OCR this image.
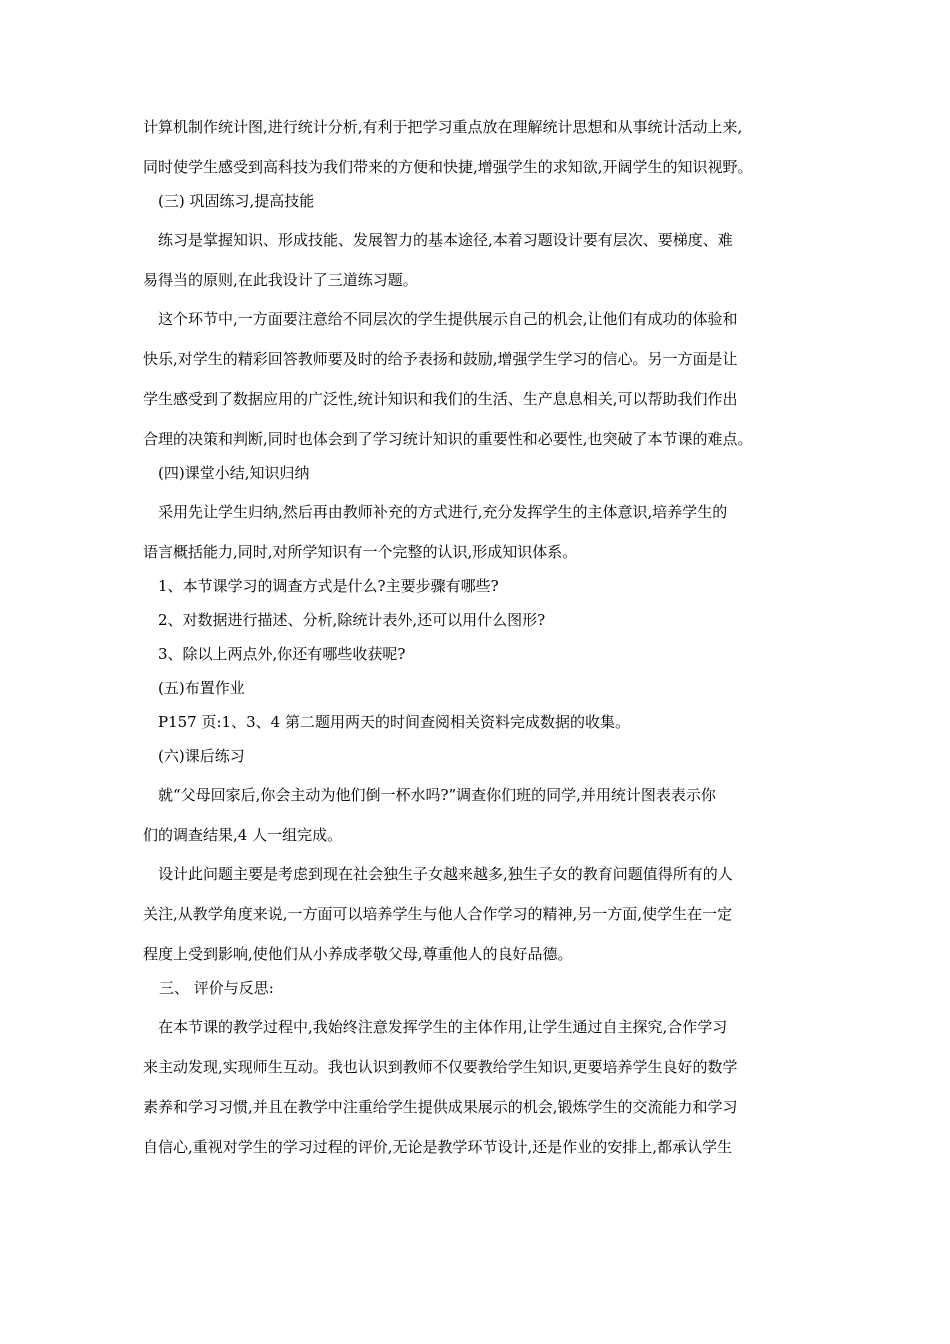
计算机制作统计图,进行统计分析,有利于把学习重点放在理解统计思想和从事统计活动上来,
同时使学生感受到高科技为我们带来的方便和快捷,增强学生的求知欲,开阔学生的知识视野。
(三) 巩固练习,提高技能
练习是掌握知识、形成技能、发展智力的基本途径,本着习题设计要有层次、要梯度、难
易得当的原则,在此我设计了三道练习题。
这个环节中,一方面要注意给不同层次的学生提供展示自己的机会,让他们有成功的体验和
快乐,对学生的精彩回答教师要及时的给予表扬和鼓励,增强学生学习的信心。另一方面是让
学生感受到了数据应用的广泛性,统计知识和我们的生活、生产息息相关,可以帮助我们作出
合理的决策和判断,同时也体会到了学习统计知识的重要性和必要性,也突破了本节课的难点。
(四)课堂小结,知识归纳
采用先让学生归纳,然后再由教师补充的方式进行,充分发挥学生的主体意识,培养学生的
语言概括能力,同时,对所学知识有一个完整的认识,形成知识体系。
1、本节课学习的调查方式是什么?主要步骤有哪些?
2、对数据进行描述、分析,除统计表外,还可以用什么图形?
3、除以上两点外,你还有哪些收获呢?
(五)布置作业
P157 页:1、3、4 第二题用两天的时间查阅相关资料完成数据的收集。
(六)课后练习
就“父母回家后,你会主动为他们倒一杯水吗?”调查你们班的同学,并用统计图表表示你
们的调查结果,4 人一组完成。
设计此问题主要是考虑到现在社会独生子女越来越多,独生子女的教育问题值得所有的人
关注,从教学角度来说,一方面可以培养学生与他人合作学习的精神,另一方面,使学生在一定
程度上受到影响,使他们从小养成孝敬父母,尊重他人的良好品德。
三、 评价与反思:
在本节课的教学过程中,我始终注意发挥学生的主体作用,让学生通过自主探究,合作学习
来主动发现,实现师生互动。我也认识到教师不仅要教给学生知识,更要培养学生良好的数学
素养和学习习惯,并且在教学中注重给学生提供成果展示的机会,锻炼学生的交流能力和学习
自信心,重视对学生的学习过程的评价,无论是教学环节设计,还是作业的安排上,都承认学生
